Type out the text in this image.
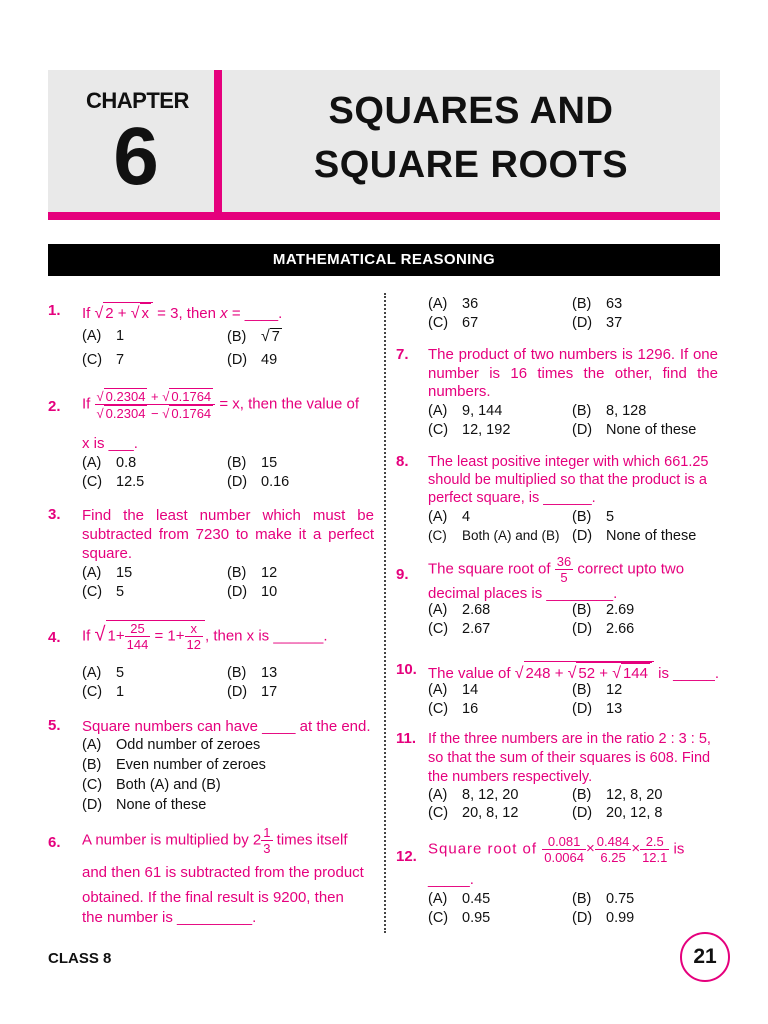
CHAPTER
6	SQUARES AND
SQUARE ROOTS
MATHEMATICAL REASONING
1. If √ 2 + √ x = 3, then x = ____.
(A) 1	(B) √ 7
(C) 7	(D) 49
2. If $\frac{√ 0.2304 + √ 0.1764}{√ 0.2304 - √ 0.1764} = x$, then the value of
x is ___.
(A) 0.8	(B) 15
(C) 12.5	(D) 0.16
3. Find the least number which must be subtracted from 7230 to make it a perfect square.
(A) 15	(B) 12
(C) 5	(D) 10
4. If √ $1+ \frac{25}{144} = 1+ \frac{x}{12}$ , then x is ______.
(A) 5	(B) 13
(C) 1	(D) 17
5. Square numbers can have ____ at the end.
(A) Odd number of zeroes
(B) Even number of zeroes
(C) Both (A) and (B)
(D) None of these
6. A number is multiplied by $2 \frac{1}{3}$ times itself
and then 61 is subtracted from the product
obtained. If the final result is 9200, then
the number is _________.
(A) 36	(B) 63
(C) 67	(D) 37
7. The product of two numbers is 1296. If one number is 16 times the other, find the numbers.
(A) 9, 144	(B) 8, 128
(C) 12, 192	(D) None of these
8. The least positive integer with which 661.25 should be multiplied so that the product is a perfect square, is ______.
(A) 4	(B) 5
(C) Both (A) and (B) (D) None of these
9. The square root of $\frac{36}{5}$ correct upto two
decimal places is ________.
(A) 2.68	(B) 2.69
(C) 2.67	(D) 2.66
10. The value of √ 248 + √ 52 + √ 144 is _____.
(A) 14	(B) 12
(C) 16	(D) 13
11. If the three numbers are in the ratio 2 : 3 : 5, so that the sum of their squares is 608. Find the numbers respectively.
(A) 8, 12, 20	(B) 12, 8, 20
(C) 20, 8, 12	(D) 20, 12, 8
12. Square root of $\frac{0.081}{0.0064} \times \frac{0.484}{6.25} \times \frac{2.5}{12.1}$ is
_____.
(A) 0.45	(B) 0.75
(C) 0.95	(D) 0.99
CLASS 8	21
